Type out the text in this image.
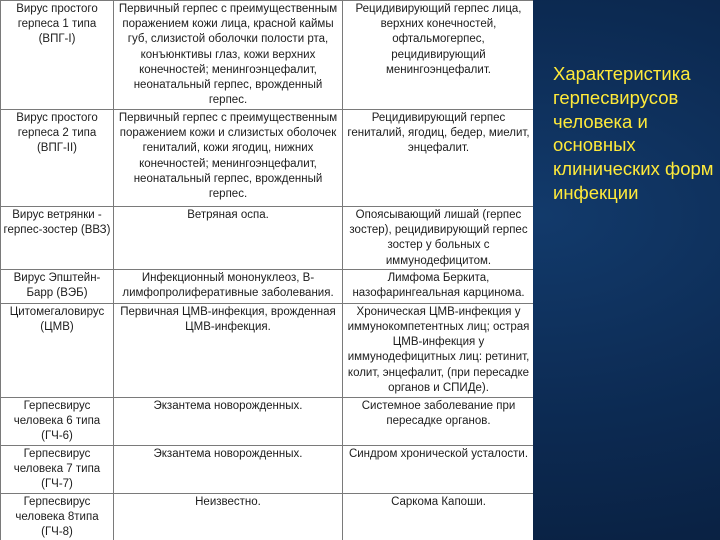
Вирус простого герпеса 1 типа (ВПГ-I)	Первичный герпес с преимущественным поражением кожи лица, красной каймы губ, слизистой оболочки полости рта, конъюнктивы глаз, кожи верхних конечностей; менингоэнцефалит, неонатальный герпес, врожденный герпес.	Рецидивирующий герпес лица, верхних конечностей, офтальмогерпес, рецидивирующий менингоэнцефалит.
Вирус простого герпеса 2 типа (ВПГ-II)	Первичный герпес с преимущественным поражением кожи и слизистых оболочек гениталий, кожи ягодиц, нижних конечностей; менингоэнцефалит, неонатальный герпес, врожденный герпес.	Рецидивирующий герпес гениталий, ягодиц, бедер, миелит, энцефалит.
Вирус ветрянки - герпес-зостер (ВВЗ)	Ветряная оспа.	Опоясывающий лишай (герпес зостер), рецидивирующий герпес зостер у больных с иммунодефицитом.
Вирус Эпштейн-Барр (ВЭБ)	Инфекционный мононуклеоз, В-лимфопролиферативные заболевания.	Лимфома Беркита, назофарингеальная карцинома.
Цитомегаловирус (ЦМВ)	Первичная ЦМВ-инфекция, врожденная ЦМВ-инфекция.	Хроническая ЦМВ-инфекция у иммунокомпетентных лиц; острая ЦМВ-инфекция у иммунодефицитных лиц: ретинит, колит, энцефалит, (при пересадке органов и СПИДе).
Герпесвирус человека 6 типа (ГЧ-6)	Экзантема новорожденных.	Системное заболевание при пересадке органов.
Герпесвирус человека 7 типа (ГЧ-7)	Экзантема новорожденных.	Синдром хронической усталости.
Герпесвирус человека 8типа (ГЧ-8)	Неизвестно.	Саркома Капоши.
Характеристика герпесвирусов человека и основных клинических форм инфекции
